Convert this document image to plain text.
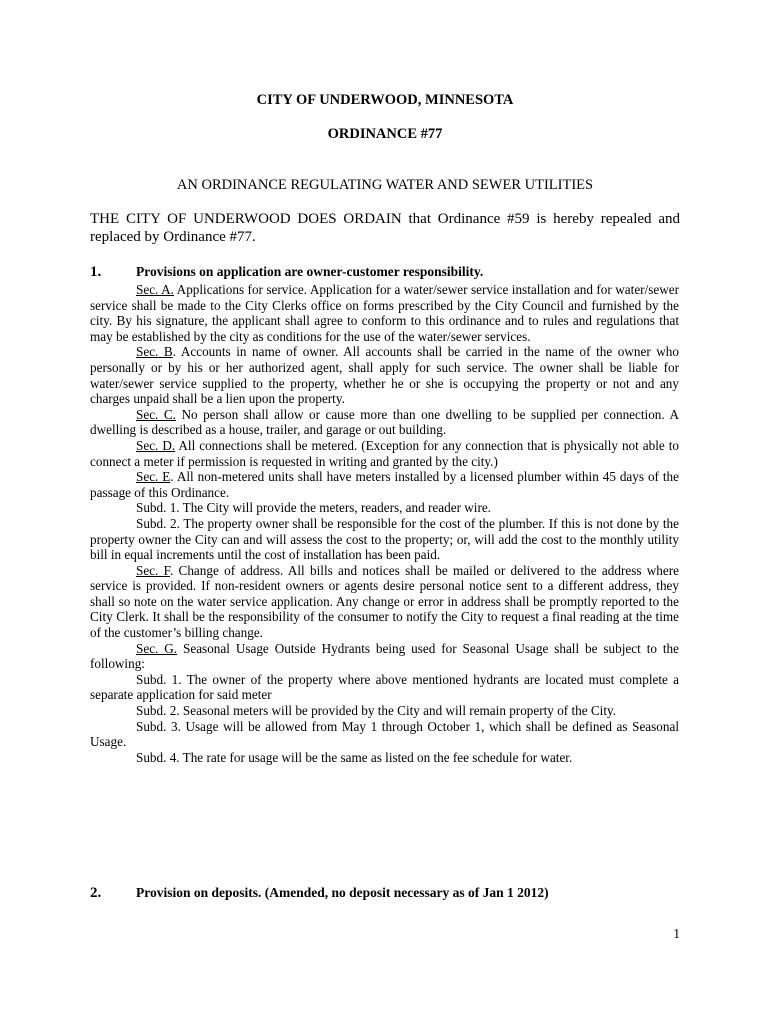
CITY OF UNDERWOOD, MINNESOTA
ORDINANCE #77
AN ORDINANCE REGULATING WATER AND SEWER UTILITIES
THE CITY OF UNDERWOOD DOES ORDAIN that Ordinance #59 is hereby repealed and replaced by Ordinance #77.
1.	Provisions on application are owner-customer responsibility.

Sec. A. Applications for service. Application for a water/sewer service installation and for water/sewer service shall be made to the City Clerks office on forms prescribed by the City Council and furnished by the city. By his signature, the applicant shall agree to conform to this ordinance and to rules and regulations that may be established by the city as conditions for the use of the water/sewer services.

Sec. B. Accounts in name of owner. All accounts shall be carried in the name of the owner who personally or by his or her authorized agent, shall apply for such service. The owner shall be liable for water/sewer service supplied to the property, whether he or she is occupying the property or not and any charges unpaid shall be a lien upon the property.

Sec. C. No person shall allow or cause more than one dwelling to be supplied per connection. A dwelling is described as a house, trailer, and garage or out building.

Sec. D. All connections shall be metered. (Exception for any connection that is physically not able to connect a meter if permission is requested in writing and granted by the city.)

Sec. E. All non-metered units shall have meters installed by a licensed plumber within 45 days of the passage of this Ordinance.

Subd. 1. The City will provide the meters, readers, and reader wire.

Subd. 2. The property owner shall be responsible for the cost of the plumber. If this is not done by the property owner the City can and will assess the cost to the property; or, will add the cost to the monthly utility bill in equal increments until the cost of installation has been paid.

Sec. F. Change of address. All bills and notices shall be mailed or delivered to the address where service is provided. If non-resident owners or agents desire personal notice sent to a different address, they shall so note on the water service application. Any change or error in address shall be promptly reported to the City Clerk. It shall be the responsibility of the consumer to notify the City to request a final reading at the time of the customer’s billing change.

Sec. G. Seasonal Usage Outside Hydrants being used for Seasonal Usage shall be subject to the following:

Subd. 1. The owner of the property where above mentioned hydrants are located must complete a separate application for said meter

Subd. 2. Seasonal meters will be provided by the City and will remain property of the City.

Subd. 3. Usage will be allowed from May 1 through October 1, which shall be defined as Seasonal Usage.

Subd. 4. The rate for usage will be the same as listed on the fee schedule for water.

2.	Provision on deposits. (Amended, no deposit necessary as of Jan 1 2012)
1
